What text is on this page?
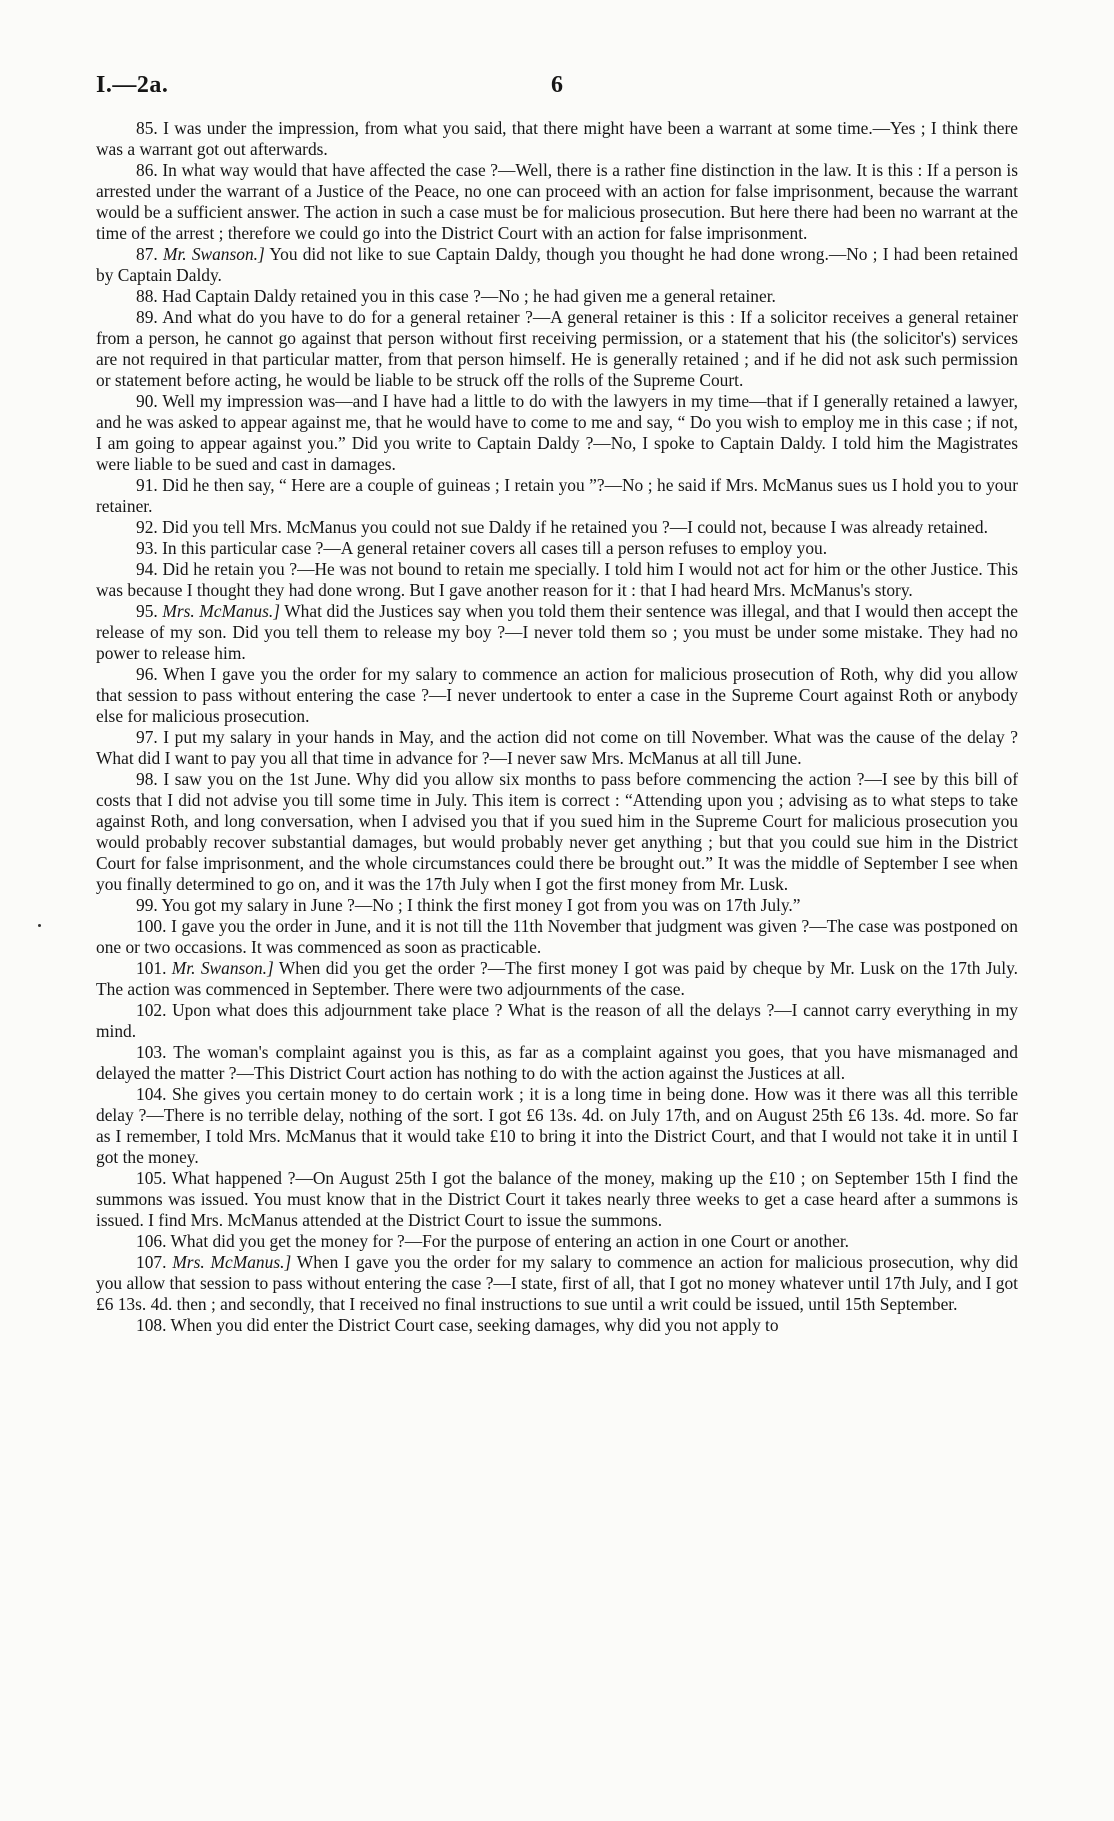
I.—2a.	6

85. I was under the impression, from what you said, that there might have been a warrant at some time.—Yes ; I think there was a warrant got out afterwards.

86. In what way would that have affected the case ?—Well, there is a rather fine distinction in the law. It is this : If a person is arrested under the warrant of a Justice of the Peace, no one can proceed with an action for false imprisonment, because the warrant would be a sufficient answer. The action in such a case must be for malicious prosecution. But here there had been no warrant at the time of the arrest ; therefore we could go into the District Court with an action for false imprisonment.

87. Mr. Swanson.] You did not like to sue Captain Daldy, though you thought he had done wrong.—No ; I had been retained by Captain Daldy.

88. Had Captain Daldy retained you in this case ?—No ; he had given me a general retainer.

89. And what do you have to do for a general retainer ?—A general retainer is this : If a solicitor receives a general retainer from a person, he cannot go against that person without first receiving permission, or a statement that his (the solicitor's) services are not required in that particular matter, from that person himself. He is generally retained ; and if he did not ask such permission or statement before acting, he would be liable to be struck off the rolls of the Supreme Court.

90. Well my impression was—and I have had a little to do with the lawyers in my time—that if I generally retained a lawyer, and he was asked to appear against me, that he would have to come to me and say, “ Do you wish to employ me in this case ; if not, I am going to appear against you.” Did you write to Captain Daldy ?—No, I spoke to Captain Daldy. I told him the Magistrates were liable to be sued and cast in damages.

91. Did he then say, “ Here are a couple of guineas ; I retain you ”?—No ; he said if Mrs. McManus sues us I hold you to your retainer.

92. Did you tell Mrs. McManus you could not sue Daldy if he retained you ?—I could not, because I was already retained.

93. In this particular case ?—A general retainer covers all cases till a person refuses to employ you.

94. Did he retain you ?—He was not bound to retain me specially. I told him I would not act for him or the other Justice. This was because I thought they had done wrong. But I gave another reason for it : that I had heard Mrs. McManus's story.

95. Mrs. McManus.] What did the Justices say when you told them their sentence was illegal, and that I would then accept the release of my son. Did you tell them to release my boy ?—I never told them so ; you must be under some mistake. They had no power to release him.

96. When I gave you the order for my salary to commence an action for malicious prosecution of Roth, why did you allow that session to pass without entering the case ?—I never undertook to enter a case in the Supreme Court against Roth or anybody else for malicious prosecution.

97. I put my salary in your hands in May, and the action did not come on till November. What was the cause of the delay ? What did I want to pay you all that time in advance for ?—I never saw Mrs. McManus at all till June.

98. I saw you on the 1st June. Why did you allow six months to pass before commencing the action ?—I see by this bill of costs that I did not advise you till some time in July. This item is correct : “Attending upon you ; advising as to what steps to take against Roth, and long conversation, when I advised you that if you sued him in the Supreme Court for malicious prosecution you would probably recover substantial damages, but would probably never get anything ; but that you could sue him in the District Court for false imprisonment, and the whole circumstances could there be brought out.” It was the middle of September I see when you finally determined to go on, and it was the 17th July when I got the first money from Mr. Lusk.

99. You got my salary in June ?—No ; I think the first money I got from you was on 17th July.”

100. I gave you the order in June, and it is not till the 11th November that judgment was given ?—The case was postponed on one or two occasions. It was commenced as soon as practicable.

101. Mr. Swanson.] When did you get the order ?—The first money I got was paid by cheque by Mr. Lusk on the 17th July. The action was commenced in September. There were two adjournments of the case.

102. Upon what does this adjournment take place ? What is the reason of all the delays ?—I cannot carry everything in my mind.

103. The woman's complaint against you is this, as far as a complaint against you goes, that you have mismanaged and delayed the matter ?—This District Court action has nothing to do with the action against the Justices at all.

104. She gives you certain money to do certain work ; it is a long time in being done. How was it there was all this terrible delay ?—There is no terrible delay, nothing of the sort. I got £6 13s. 4d. on July 17th, and on August 25th £6 13s. 4d. more. So far as I remember, I told Mrs. McManus that it would take £10 to bring it into the District Court, and that I would not take it in until I got the money.

105. What happened ?—On August 25th I got the balance of the money, making up the £10 ; on September 15th I find the summons was issued. You must know that in the District Court it takes nearly three weeks to get a case heard after a summons is issued. I find Mrs. McManus attended at the District Court to issue the summons.

106. What did you get the money for ?—For the purpose of entering an action in one Court or another.

107. Mrs. McManus.] When I gave you the order for my salary to commence an action for malicious prosecution, why did you allow that session to pass without entering the case ?—I state, first of all, that I got no money whatever until 17th July, and I got £6 13s. 4d. then ; and secondly, that I received no final instructions to sue until a writ could be issued, until 15th September.

108. When you did enter the District Court case, seeking damages, why did you not apply to
